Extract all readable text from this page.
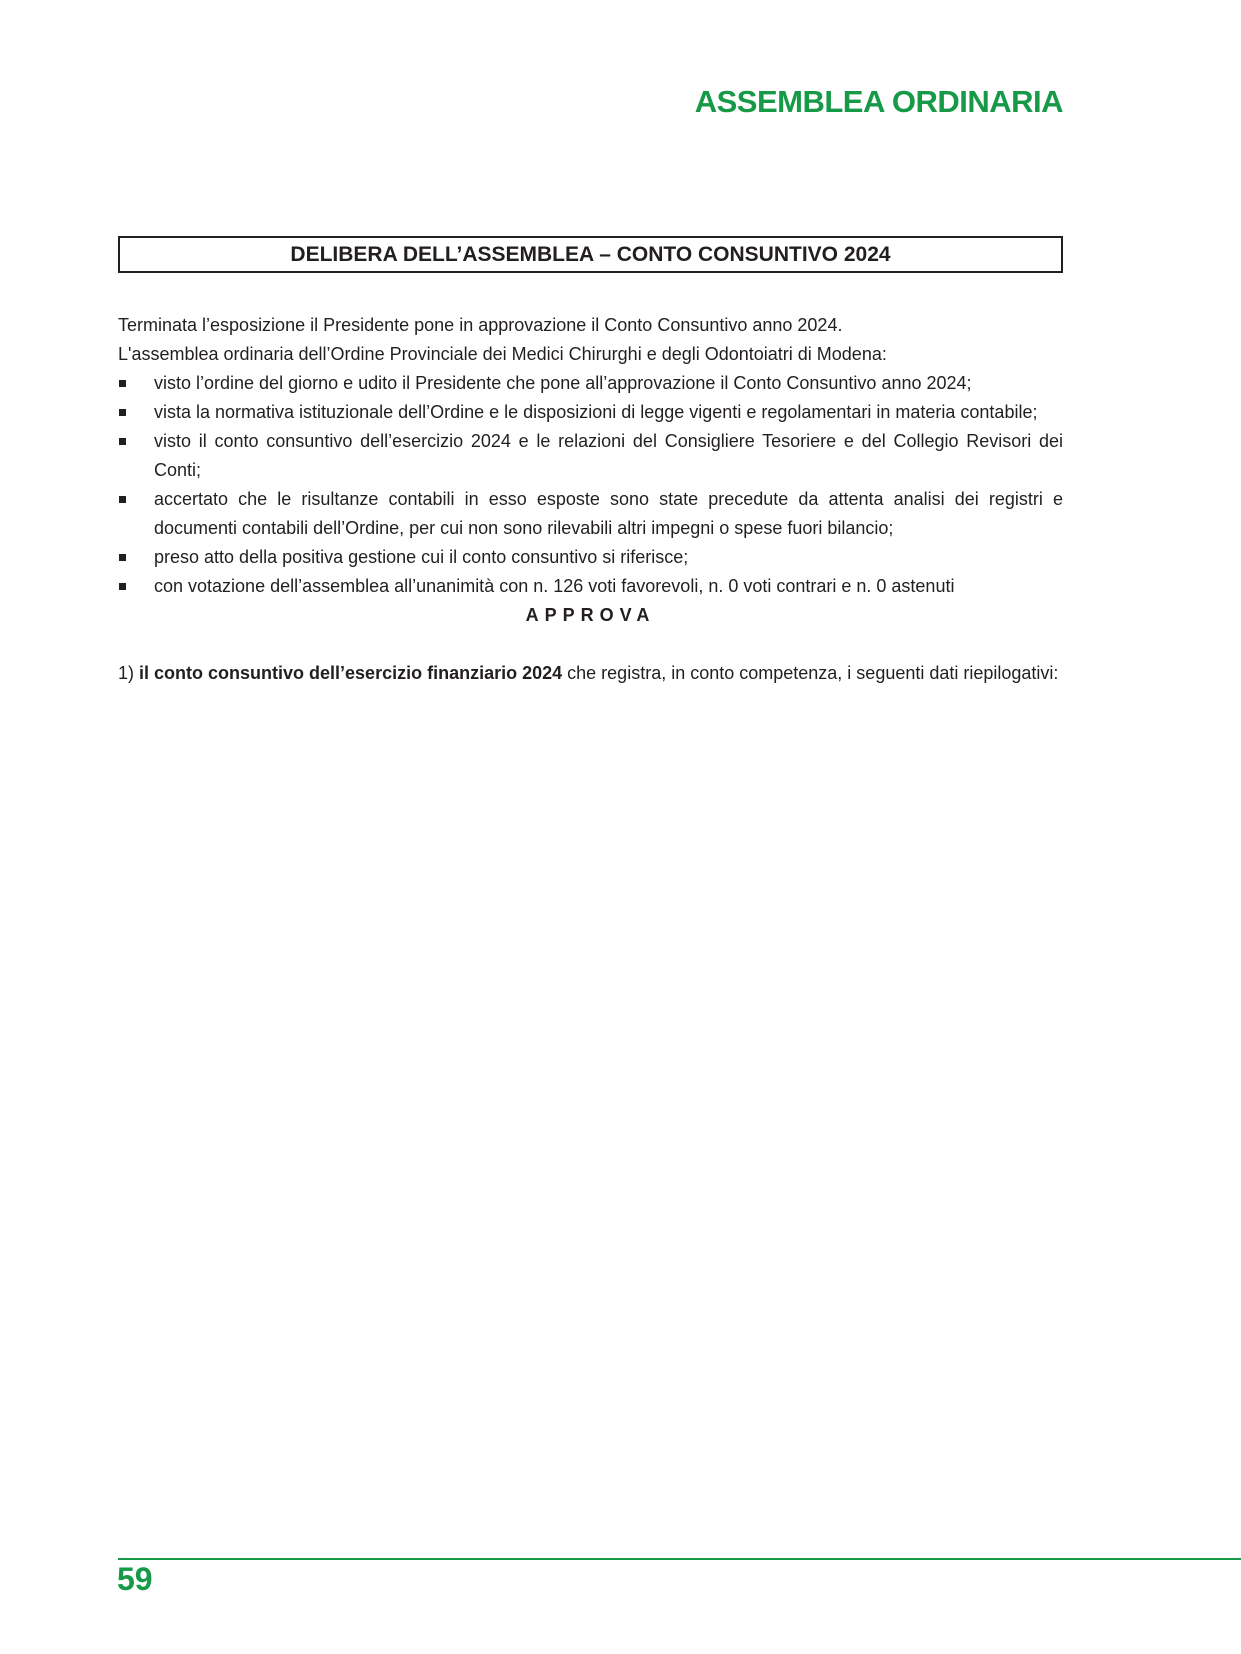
ASSEMBLEA ORDINARIA
DELIBERA DELL’ASSEMBLEA – CONTO CONSUNTIVO 2024

Terminata l’esposizione il Presidente pone in approvazione il Conto Consuntivo anno 2024.

L'assemblea ordinaria dell’Ordine Provinciale dei Medici Chirurghi e degli Odontoiatri di Modena:

visto l’ordine del giorno e udito il Presidente che pone all’approvazione il Conto Consuntivo anno 2024;
vista la normativa istituzionale dell’Ordine e le disposizioni di legge vigenti e regolamentari in materia contabile;
visto il conto consuntivo dell’esercizio 2024 e le relazioni del Consigliere Tesoriere e del Collegio Revisori dei Conti;
accertato che le risultanze contabili in esso esposte sono state precedute da attenta analisi dei registri e documenti contabili dell’Ordine, per cui non sono rilevabili altri impegni o spese fuori bilancio;
preso atto della positiva gestione cui il conto consuntivo si riferisce;
con votazione dell’assemblea all’unanimità con n. 126 voti favorevoli, n. 0 voti contrari e n. 0 astenuti

APPROVA

1) il conto consuntivo dell’esercizio finanziario 2024 che registra, in conto competenza, i seguenti dati riepilogativi:

59
